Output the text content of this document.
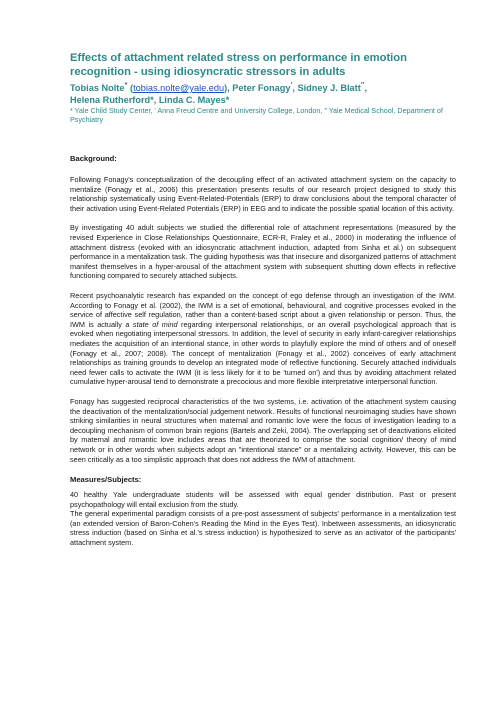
Effects of attachment related stress on performance in emotion recognition - using idiosyncratic stressors in adults

Tobias Nolte* (tobias.nolte@yale.edu), Peter Fonagy′, Sidney J. Blatt″,

Helena Rutherford*, Linda C. Mayes*

* Yale Child Study Center, ′ Anna Freud Centre and University College, London, ″ Yale Medical School, Department of Psychiatry

Background:

Following Fonagy's conceptualization of the decoupling effect of an activated attachment system on the capacity to mentalize (Fonagy et al., 2006) this presentation presents results of our research project designed to study this relationship systematically using Event-Related-Potentials (ERP) to draw conclusions about the temporal character of their activation using Event-Related Potentials (ERP) in EEG and to indicate the possible spatial location of this activity.

By investigating 40 adult subjects we studied the differential role of attachment representations (measured by the revised Experience in Close Relationships Questionnaire, ECR-R, Fraley et al., 2000) in moderating the influence of attachment distress (evoked with an idiosyncratic attachment induction, adapted from Sinha et al.) on subsequent performance in a mentalization task. The guiding hypothesis was that insecure and disorganized patterns of attachment manifest themselves in a hyper-arousal of the attachment system with subsequent shutting down effects in reflective functioning compared to securely attached subjects.

Recent psychoanalytic research has expanded on the concept of ego defense through an investigation of the IWM. According to Fonagy et al. (2002), the IWM is a set of emotional, behavioural, and cognitive processes evoked in the service of affective self regulation, rather than a content-based script about a given relationship or person. Thus, the IWM is actually a state of mind regarding interpersonal relationships, or an overall psychological approach that is evoked when negotiating interpersonal stressors. In addition, the level of security in early infant-caregiver relationships mediates the acquisition of an intentional stance, in other words to playfully explore the mind of others and of oneself (Fonagy et al., 2007; 2008). The concept of mentalization (Fonagy et al., 2002) conceives of early attachment relationships as training grounds to develop an integrated mode of reflective functioning. Securely attached individuals need fewer calls to activate the IWM (it is less likely for it to be 'turned on') and thus by avoiding attachment related cumulative hyper-arousal tend to demonstrate a precocious and more flexible interpretative interpersonal function.

Fonagy has suggested reciprocal characteristics of the two systems, i.e. activation of the attachment system causing the deactivation of the mentalization/social judgement network. Results of functional neuroimaging studies have shown striking similarities in neural structures when maternal and romantic love were the focus of investigation leading to a decoupling mechanism of common brain regions (Bartels and Zeki, 2004). The overlapping set of deactivations elicited by maternal and romantic love includes areas that are theorized to comprise the social cognition/ theory of mind network or in other words when subjects adopt an "intentional stance" or a mentalizing activity. However, this can be seen critically as a too simplistic approach that does not address the IWM of attachment.

Measures/Subjects:

40 healthy Yale undergraduate students will be assessed with equal gender distribution. Past or present psychopathology will entail exclusion from the study.

The general experimental paradigm consists of a pre-post assessment of subjects' performance in a mentalization test (an extended version of Baron-Cohen's Reading the Mind in the Eyes Test). Inbetween assessments, an idiosyncratic stress induction (based on Sinha et al.'s stress induction) is hypothesized to serve as an activator of the participants' attachment system.
